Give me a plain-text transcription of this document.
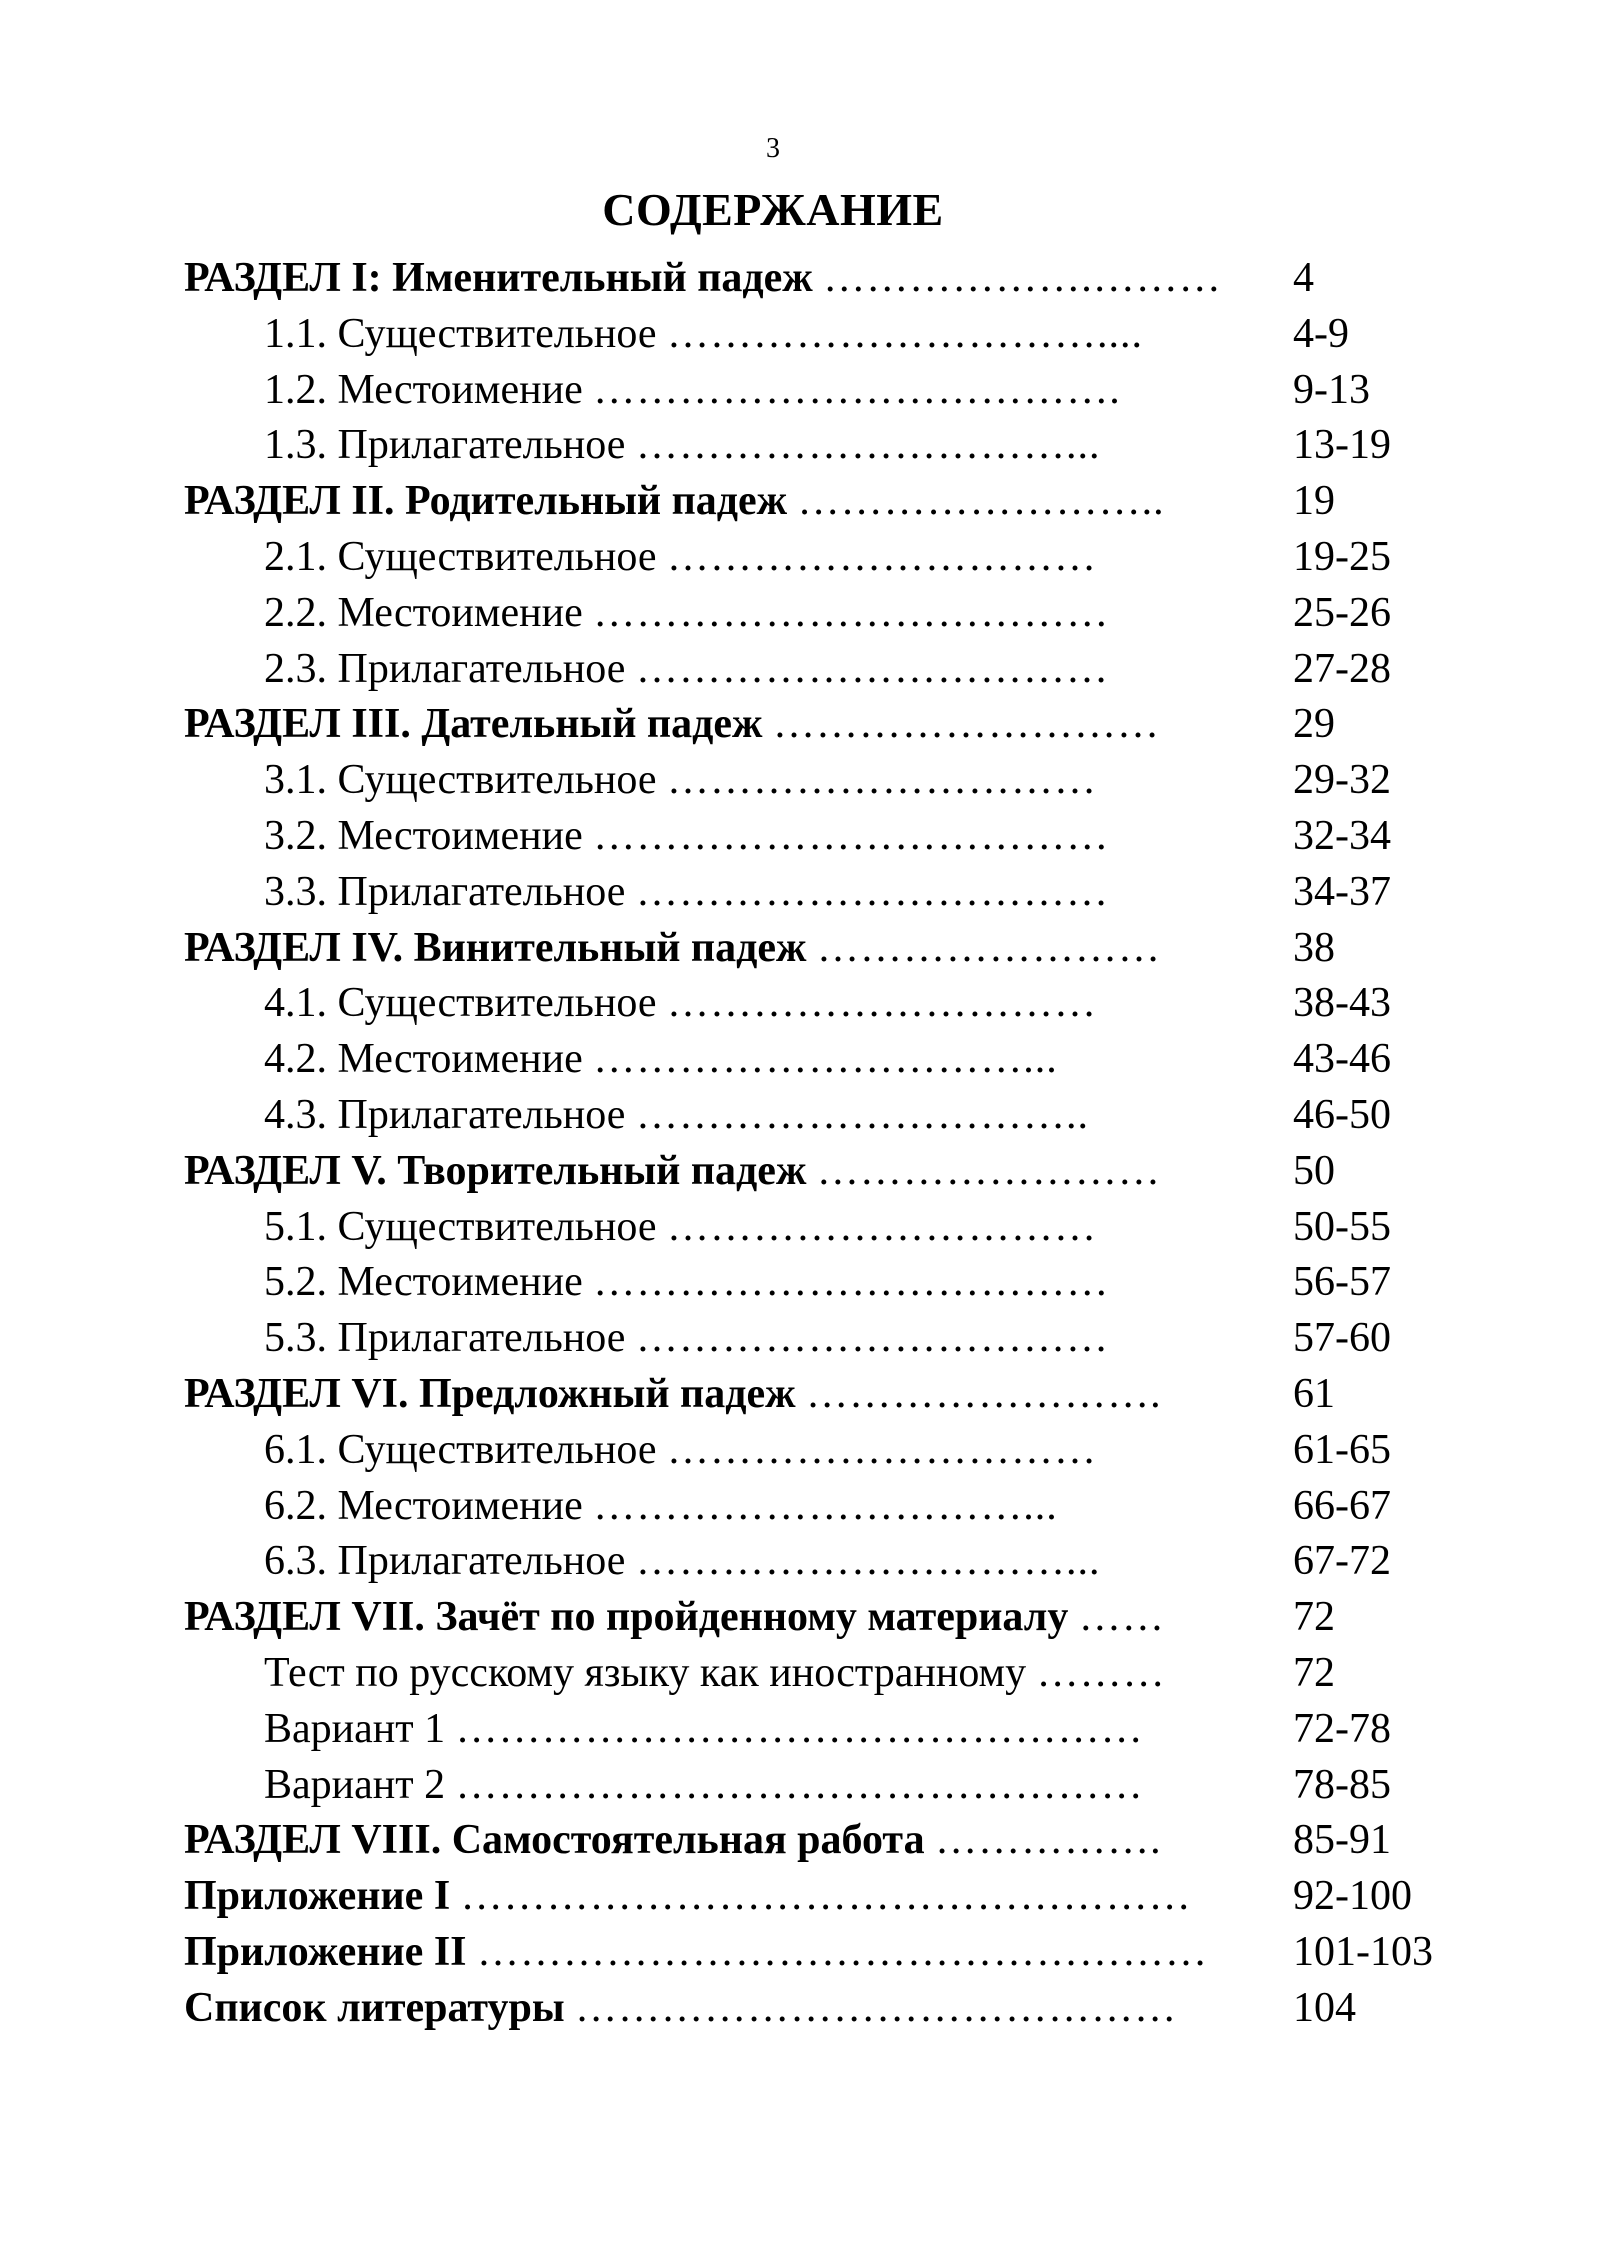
3
СОДЕРЖАНИЕ
РАЗДЕЛ I: Именительный падеж ……………….……… 4
1.1. Существительное …………………………....	4-9
1.2. Местоимение ……………………………….	9-13
1.3. Прилагательное …………………………...	13-19
РАЗДЕЛ II. Родительный падеж ……………………..	19
2.1. Существительное …………………………	19-25
2.2. Местоимение ………………………………	25-26
2.3. Прилагательное ……………………………	27-28
РАЗДЕЛ III. Дательный падеж ………………………	29
3.1. Существительное …………………………	29-32
3.2. Местоимение ………………………………	32-34
3.3. Прилагательное ……………………………	34-37
РАЗДЕЛ IV. Винительный падеж ……………………	38
4.1. Существительное …………………………	38-43
4.2. Местоимение …………………………...	43-46
4.3. Прилагательное …………………………..	46-50
РАЗДЕЛ V. Творительный падеж ……………………	50
5.1. Существительное …………………………	50-55
5.2. Местоимение ………………………………	56-57
5.3. Прилагательное ……………………………	57-60
РАЗДЕЛ VI. Предложный падеж …………………….	61
6.1. Существительное …………………………	61-65
6.2. Местоимение …………………………...	66-67
6.3. Прилагательное …………………………...	67-72
РАЗДЕЛ VII. Зачёт по пройденному материалу ……	72
Тест по русскому языку как иностранному ………	72
Вариант 1 …………………………………………	72-78
Вариант 2 …………………………………………	78-85
РАЗДЕЛ VIII. Самостоятельная работа …………….	85-91
Приложение I …………………………………………… 92-100
Приложение II …………………………………………… 101-103
Список литературы ……………………………………	104
